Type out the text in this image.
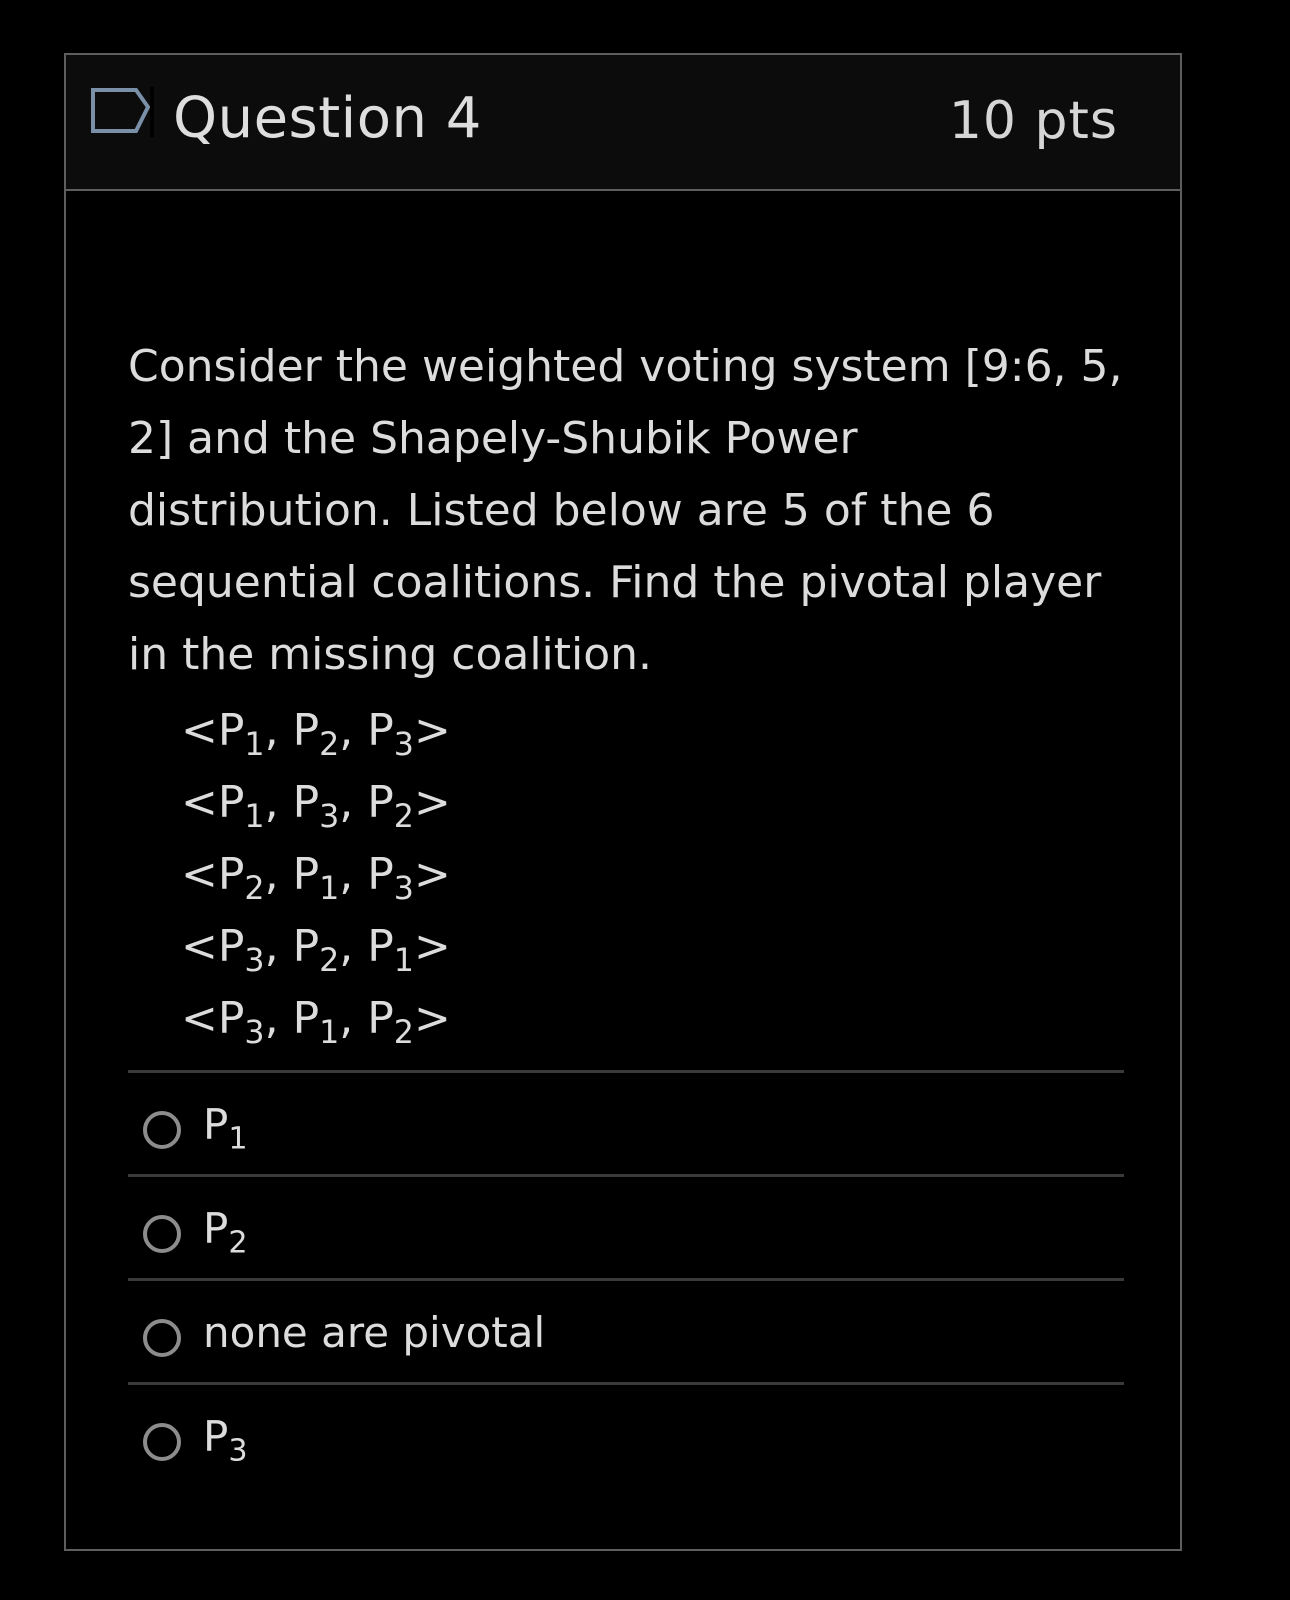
Question 4	10 pts
Consider the weighted voting system [9:6, 5, 2] and the Shapely-Shubik Power distribution. Listed below are 5 of the 6 sequential coalitions. Find the pivotal player in the missing coalition.
$<P_1$, $P_2$, $P_3>$
$<P_1$, $P_3$, $P_2>$
$<P_2$, $P_1$, $P_3>$
$<P_3$, $P_2$, $P_1>$
$<P_3$, $P_1$, $P_2>$
$P_1$
$P_2$
none are pivotal
$P_3$
